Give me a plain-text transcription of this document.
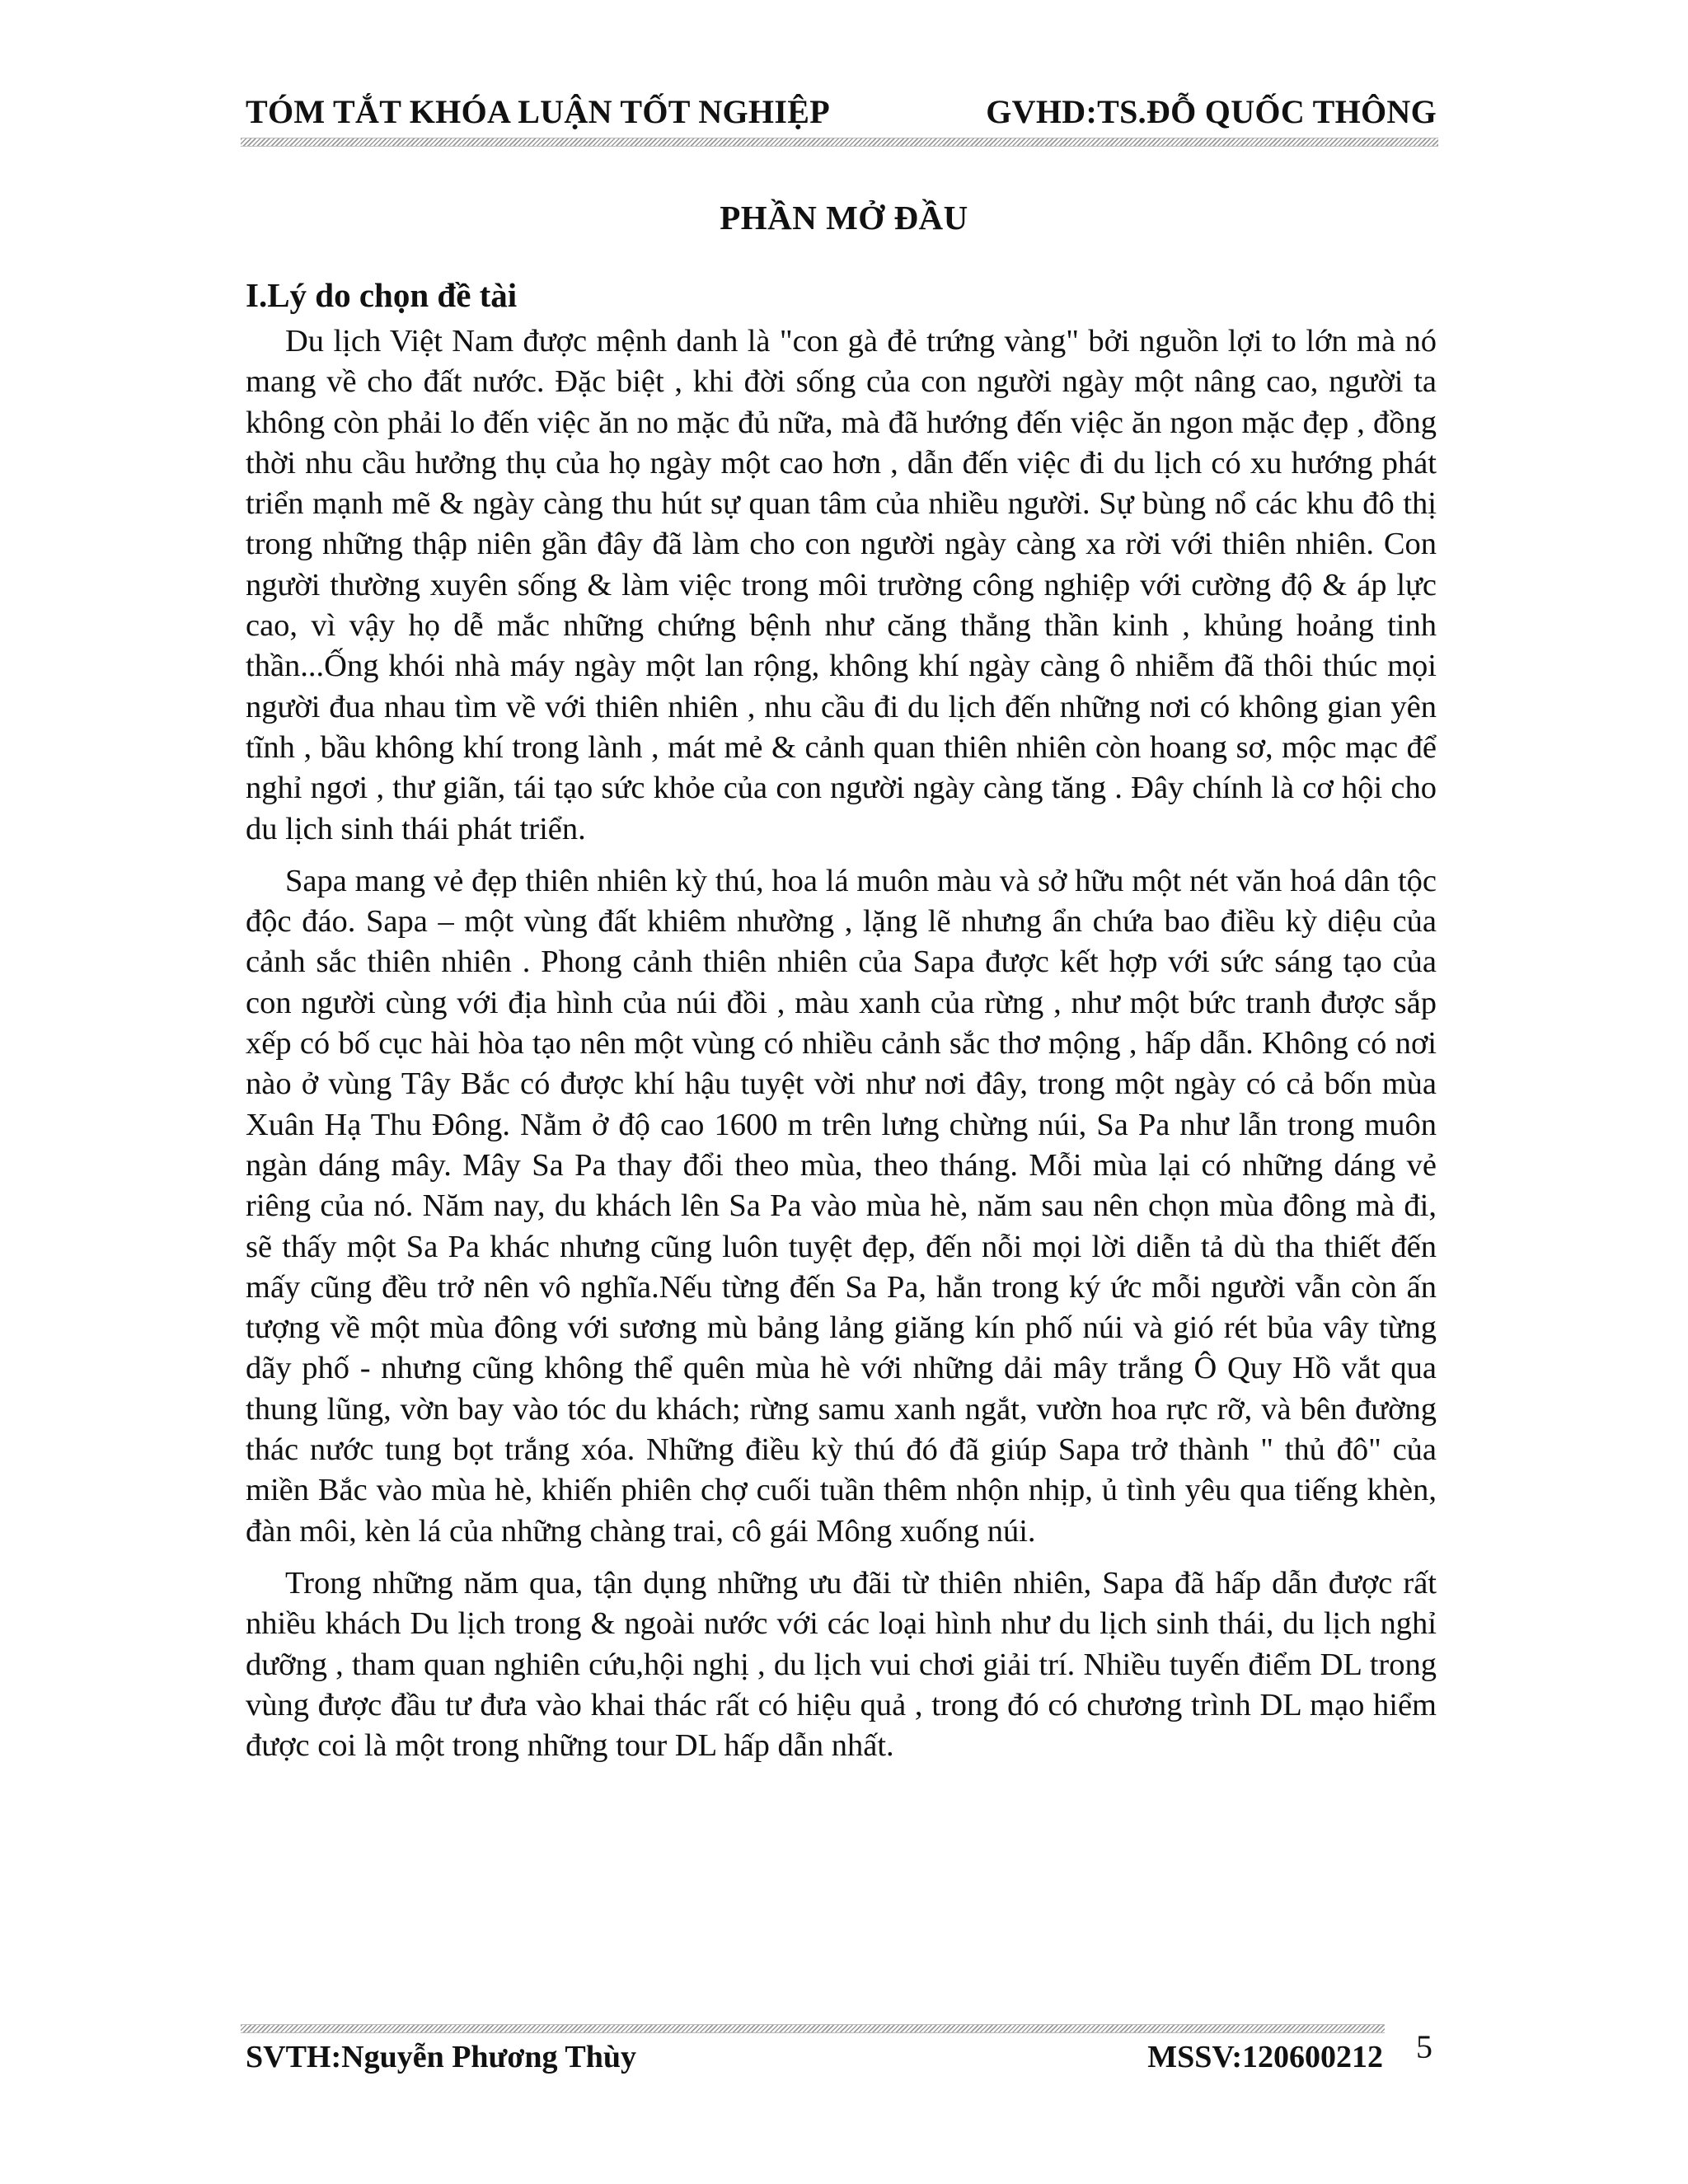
TÓM TẮT KHÓA LUẬN TỐT NGHIỆP	GVHD:TS.ĐỖ QUỐC THÔNG
PHẦN MỞ ĐẦU
I.Lý do chọn đề tài

Du lịch Việt Nam được mệnh danh là "con gà đẻ trứng vàng" bởi nguồn lợi to lớn mà nó mang về cho đất nước. Đặc biệt , khi đời sống của con người ngày một nâng cao, người ta không còn phải lo đến việc ăn no mặc đủ nữa, mà đã hướng đến việc ăn ngon mặc đẹp , đồng thời nhu cầu hưởng thụ của họ ngày một cao hơn , dẫn đến việc đi du lịch có xu hướng phát triển mạnh mẽ & ngày càng thu hút sự quan tâm của nhiều người. Sự bùng nổ các khu đô thị trong những thập niên gần đây đã làm cho con người ngày càng xa rời với thiên nhiên. Con người thường xuyên sống & làm việc trong môi trường công nghiệp với cường độ & áp lực cao, vì vậy họ dễ mắc những chứng bệnh như căng thẳng thần kinh , khủng hoảng tinh thần...Ống khói nhà máy ngày một lan rộng, không khí ngày càng ô nhiễm đã thôi thúc mọi người đua nhau tìm về với thiên nhiên , nhu cầu đi du lịch đến những nơi có không gian yên tĩnh , bầu không khí trong lành , mát mẻ & cảnh quan thiên nhiên còn hoang sơ, mộc mạc để nghỉ ngơi , thư giãn, tái tạo sức khỏe của con người ngày càng tăng . Đây chính là cơ hội cho du lịch sinh thái phát triển.

Sapa mang vẻ đẹp thiên nhiên kỳ thú, hoa lá muôn màu và sở hữu một nét văn hoá dân tộc độc đáo. Sapa – một vùng đất khiêm nhường , lặng lẽ nhưng ẩn chứa bao điều kỳ diệu của cảnh sắc thiên nhiên . Phong cảnh thiên nhiên của Sapa được kết hợp với sức sáng tạo của con người cùng với địa hình của núi đồi , màu xanh của rừng , như một bức tranh được sắp xếp có bố cục hài hòa tạo nên một vùng có nhiều cảnh sắc thơ mộng , hấp dẫn. Không có nơi nào ở vùng Tây Bắc có được khí hậu tuyệt vời như nơi đây, trong một ngày có cả bốn mùa Xuân Hạ Thu Đông. Nằm ở độ cao 1600 m trên lưng chừng núi, Sa Pa như lẫn trong muôn ngàn dáng mây. Mây Sa Pa thay đổi theo mùa, theo tháng. Mỗi mùa lại có những dáng vẻ riêng của nó. Năm nay, du khách lên Sa Pa vào mùa hè, năm sau nên chọn mùa đông mà đi, sẽ thấy một Sa Pa khác nhưng cũng luôn tuyệt đẹp, đến nỗi mọi lời diễn tả dù tha thiết đến mấy cũng đều trở nên vô nghĩa.Nếu từng đến Sa Pa, hẳn trong ký ức mỗi người vẫn còn ấn tượng về một mùa đông với sương mù bảng lảng giăng kín phố núi và gió rét bủa vây từng dãy phố - nhưng cũng không thể quên mùa hè với những dải mây trắng Ô Quy Hồ vắt qua thung lũng, vờn bay vào tóc du khách; rừng samu xanh ngắt, vườn hoa rực rỡ, và bên đường thác nước tung bọt trắng xóa. Những điều kỳ thú đó đã giúp Sapa trở thành " thủ đô" của miền Bắc vào mùa hè, khiến phiên chợ cuối tuần thêm nhộn nhịp, ủ tình yêu qua tiếng khèn, đàn môi, kèn lá của những chàng trai, cô gái Mông xuống núi.

Trong những năm qua, tận dụng những ưu đãi từ thiên nhiên, Sapa đã hấp dẫn được rất nhiều khách Du lịch trong & ngoài nước với các loại hình như du lịch sinh thái, du lịch nghỉ dưỡng , tham quan nghiên cứu,hội nghị , du lịch vui chơi giải trí. Nhiều tuyến điểm DL trong vùng được đầu tư đưa vào khai thác rất có hiệu quả , trong đó có chương trình DL mạo hiểm được coi là một trong những tour DL hấp dẫn nhất.

SVTH:Nguyễn Phương Thùy	MSSV:120600212 5
